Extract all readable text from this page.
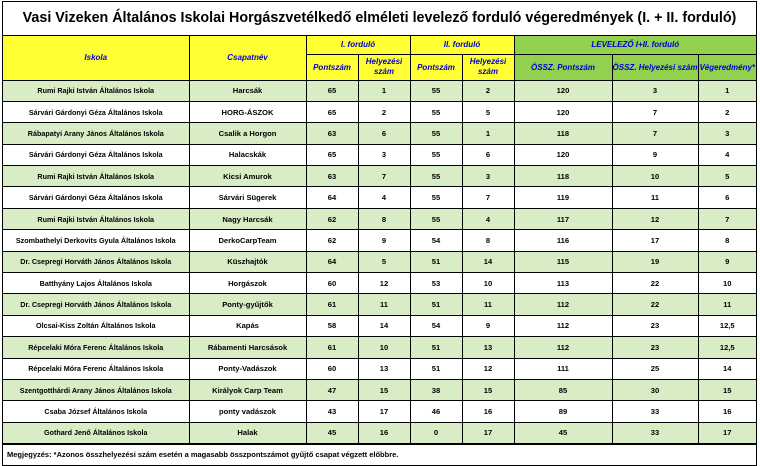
Vasi Vizeken Általános Iskolai Horgászvetélkedő elméleti levelező forduló végeredmények (I. + II. forduló)
Iskola	Csapatnév	I. forduló		II. forduló		LEVELEZŐ I+II. forduló		
		Pontszám	Helyezési szám	Pontszám	Helyezési szám	ÖSSZ. Pontszám	ÖSSZ. Helyezési szám	Végeredmény*
Rumi Rajki István Általános Iskola	Harcsák	65	1	55	2	120	3	1
Sárvári Gárdonyi Géza Általános Iskola	HORG-ÁSZOK	65	2	55	5	120	7	2
Rábapatyi Arany János Általános Iskola	Csalik a Horgon	63	6	55	1	118	7	3
Sárvári Gárdonyi Géza Általános Iskola	Halacskák	65	3	55	6	120	9	4
Rumi Rajki István Általános Iskola	Kicsi Amurok	63	7	55	3	118	10	5
Sárvári Gárdonyi Géza Általános Iskola	Sárvári Sügerek	64	4	55	7	119	11	6
Rumi Rajki István Általános Iskola	Nagy Harcsák	62	8	55	4	117	12	7
Szombathelyi Derkovits Gyula Általános Iskola	DerkoCarpTeam	62	9	54	8	116	17	8
Dr. Csepregi Horváth János Általános Iskola	Küszhajtók	64	5	51	14	115	19	9
Batthyány Lajos Általános Iskola	Horgászok	60	12	53	10	113	22	10
Dr. Csepregi Horváth János Általános Iskola	Ponty-gyűjtők	61	11	51	11	112	22	11
Olcsai-Kiss Zoltán Általános Iskola	Kapás	58	14	54	9	112	23	12,5
Répcelaki Móra Ferenc Általános Iskola	Rábamenti Harcsások	61	10	51	13	112	23	12,5
Répcelaki Móra Ferenc Általános Iskola	Ponty-Vadászok	60	13	51	12	111	25	14
Szentgotthárdi Arany János Általános Iskola	Királyok Carp Team	47	15	38	15	85	30	15
Csaba József Általános Iskola	ponty vadászok	43	17	46	16	89	33	16
Gothard Jenő Általános Iskola	Halak	45	16	0	17	45	33	17
Megjegyzés: *Azonos összhelyezési szám esetén a magasabb összpontszámot gyűjtő csapat végzett előbbre.
